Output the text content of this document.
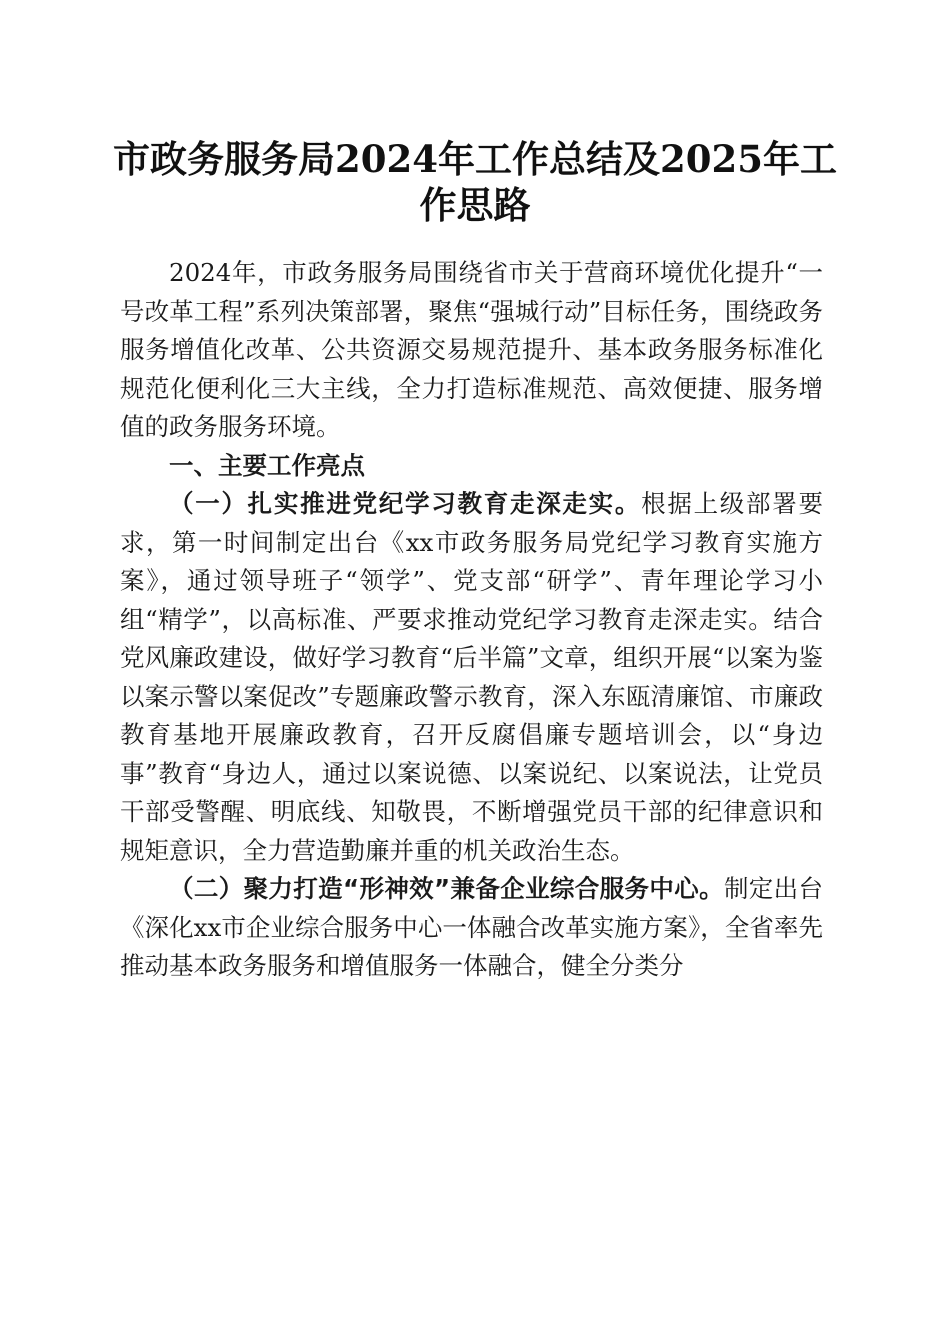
市政务服务局2024年工作总结及2025年工作思路

2024年，市政务服务局围绕省市关于营商环境优化提升“一号改革工程”系列决策部署，聚焦“强城行动”目标任务，围绕政务服务增值化改革、公共资源交易规范提升、基本政务服务标准化规范化便利化三大主线，全力打造标准规范、高效便捷、服务增值的政务服务环境。

一、主要工作亮点

（一）扎实推进党纪学习教育走深走实。根据上级部署要求，第一时间制定出台《xx市政务服务局党纪学习教育实施方案》，通过领导班子“领学”、党支部“研学”、青年理论学习小组“精学”，以高标准、严要求推动党纪学习教育走深走实。结合党风廉政建设，做好学习教育“后半篇”文章，组织开展“以案为鉴以案示警以案促改”专题廉政警示教育，深入东瓯清廉馆、市廉政教育基地开展廉政教育，召开反腐倡廉专题培训会，以“身边事”教育“身边人，通过以案说德、以案说纪、以案说法，让党员干部受警醒、明底线、知敬畏，不断增强党员干部的纪律意识和规矩意识，全力营造勤廉并重的机关政治生态。

（二）聚力打造“形神效”兼备企业综合服务中心。制定出台《深化xx市企业综合服务中心一体融合改革实施方案》，全省率先推动基本政务服务和增值服务一体融合，健全分类分
